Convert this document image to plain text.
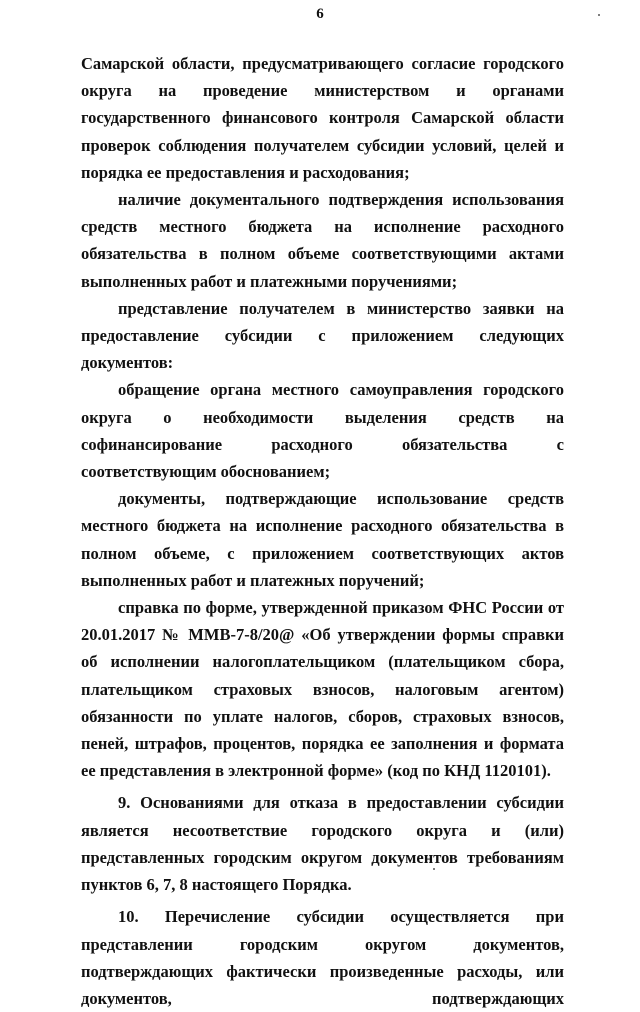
6

Самарской области, предусматривающего согласие городского округа на проведение министерством и органами государственного финансового контроля Самарской области проверок соблюдения получателем субсидии условий, целей и порядка ее предоставления и расходования;

наличие документального подтверждения использования средств местного бюджета на исполнение расходного обязательства в полном объеме соответствующими актами выполненных работ и платежными поручениями;

представление получателем в министерство заявки на предоставление субсидии с приложением следующих документов:

обращение органа местного самоуправления городского округа о необходимости выделения средств на софинансирование расходного обязательства с соответствующим обоснованием;

документы, подтверждающие использование средств местного бюджета на исполнение расходного обязательства в полном объеме, с приложением соответствующих актов выполненных работ и платежных поручений;

справка по форме, утвержденной приказом ФНС России от 20.01.2017 № ММВ-7-8/20@ «Об утверждении формы справки об исполнении налогоплательщиком (плательщиком сбора, плательщиком страховых взносов, налоговым агентом) обязанности по уплате налогов, сборов, страховых взносов, пеней, штрафов, процентов, порядка ее заполнения и формата ее представления в электронной форме» (код по КНД 1120101).

9. Основаниями для отказа в предоставлении субсидии является несоответствие городского округа и (или) представленных городским округом документов требованиям пунктов 6, 7, 8 настоящего Порядка.

10. Перечисление субсидии осуществляется при представлении городским округом документов, подтверждающих фактически произведенные расходы, или документов, подтверждающих
